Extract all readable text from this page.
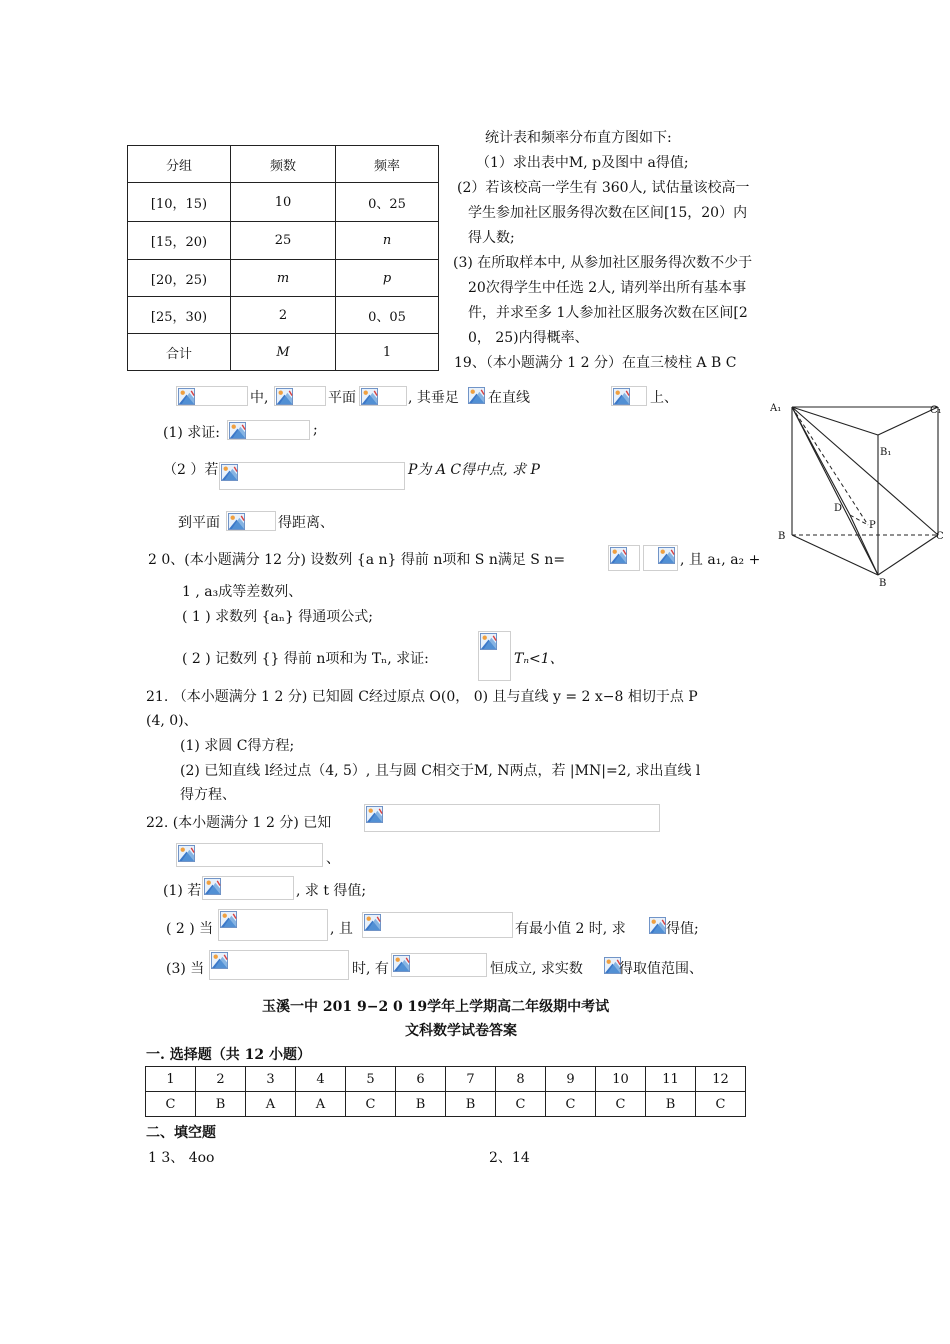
分组	频数	频率
[10，15)	10	0、25
[15，20)	25	n
[20，25)	m	p
[25，30)	2	0、05
合计	M	1
统计表和频率分布直方图如下:
（1）求出表中M, p及图中 a得值;
(2）若该校高一学生有 360人, 试估量该校高一
学生参加社区服务得次数在区间[15，20）内
得人数;
(3) 在所取样本中, 从参加社区服务得次数不少于
20次得学生中任选 2人, 请列举出所有基本事
件，并求至多 1人参加社区服务次数在区间[2
0， 25)内得概率、
19、（本小题满分 1 2 分）在直三棱柱 A B C
中,	平面	, 其垂足 在直线	上、
(1) 求证:	;
（2 ）若	P为 A C得中点, 求 P
到平面	得距离、
A₁	C₁
B₁
D
P
B	C
B
2 0、(本小题满分 12 分) 设数列 {a n} 得前 n项和 S n满足 S n=	, 且 a₁, a₂ +
1 , a₃成等差数列、
( 1 ) 求数列 {aₙ} 得通项公式;
( 2 ) 记数列 {} 得前 n项和为 Tₙ, 求证:	Tₙ<1、
21. （本小题满分 1 2 分) 已知圆 C经过原点 O(0， 0) 且与直线 y = 2 x−8 相切于点 P
(4, 0)、
(1) 求圆 C得方程;
(2) 已知直线 l经过点（4, 5）, 且与圆 C相交于M, N两点，若 |MN|=2, 求出直线 l
得方程、
22. (本小题满分 1 2 分) 已知
、
(1) 若	, 求 t 得值;
( 2 ) 当	, 且	有最小值 2 时, 求	得值;
(3) 当	时, 有	恒成立, 求实数	得取值范围、
玉溪一中 201 9−2 0 19学年上学期高二年级期中考试
文科数学试卷答案
一. 选择题（共 12 小题）
1	2	3	4	5	6	7	8	9	10	11	12
C	B	A	A	C	B	B	C	C	C	B	C
二、填空题
1 3、 4oo	2、14
